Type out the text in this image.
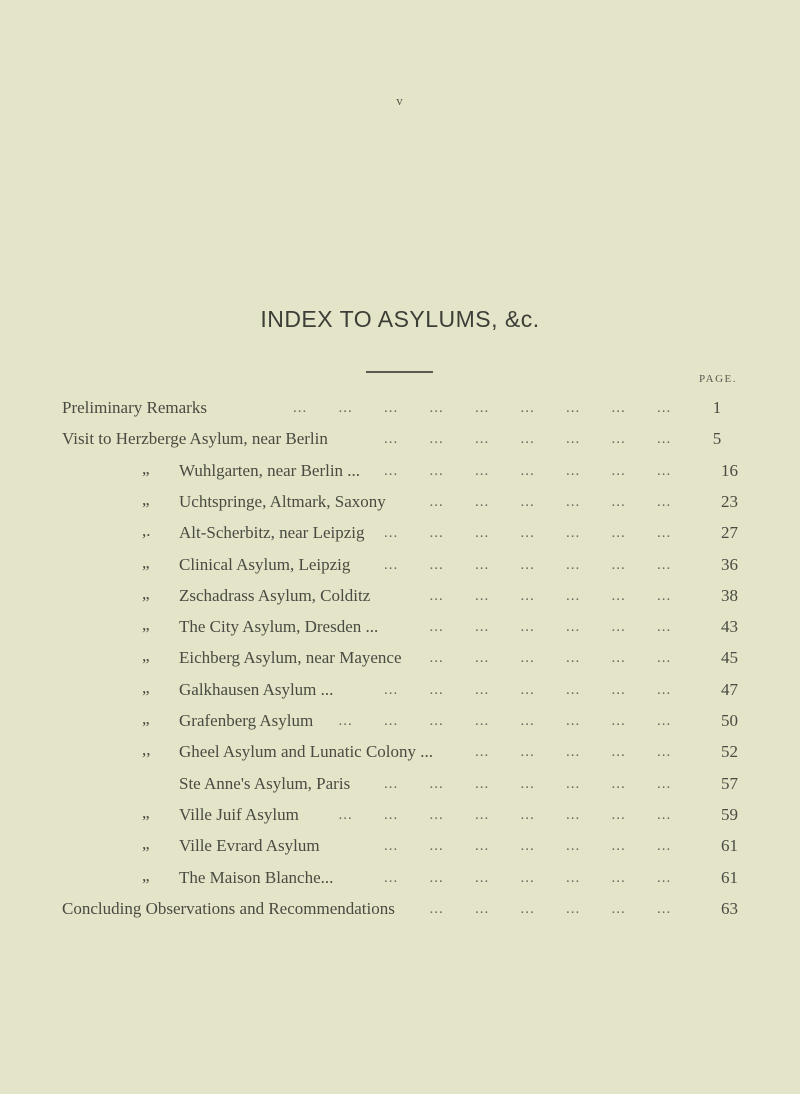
v
INDEX TO ASYLUMS, &c.
PAGE.
Preliminary Remarks	... ... ... ... ... ... ... ... ...	1
Visit to Herzberge Asylum, near Berlin	... ... ... ... ... ... ...	5
„ Wuhlgarten, near Berlin ... ... ... ... ... ... ... ...	16
„ Uchtspringe, Altmark, Saxony	... ... ... ... ... ...	23
,. Alt-Scherbitz, near Leipzig ... ... ... ... ... ... ...	27
„ Clinical Asylum, Leipzig ... ... ... ... ... ... ...	36
„ Zschadrass Asylum, Colditz	... ... ... ... ... ...	38
„ The City Asylum, Dresden ...	... ... ... ... ... ...	43
„ Eichberg Asylum, near Mayence ... ... ... ... ... ...	45
„ Galkhausen Asylum ...	... ... ... ... ... ... ...	47
„ Grafenberg Asylum ... ... ... ... ... ... ... ...	50
,, Gheel Asylum and Lunatic Colony ...	... ... ... ... ...	52
Ste Anne's Asylum, Paris ... ... ... ... ... ... ...	57
„ Ville Juif Asylum	... ... ... ... ... ... ... ...	59
„ Ville Evrard Asylum	... ... ... ... ... ... ...	61
„ The Maison Blanche...	... ... ... ... ... ... ...	61
Concluding Observations and Recommendations ... ... ... ... ... ...	63
